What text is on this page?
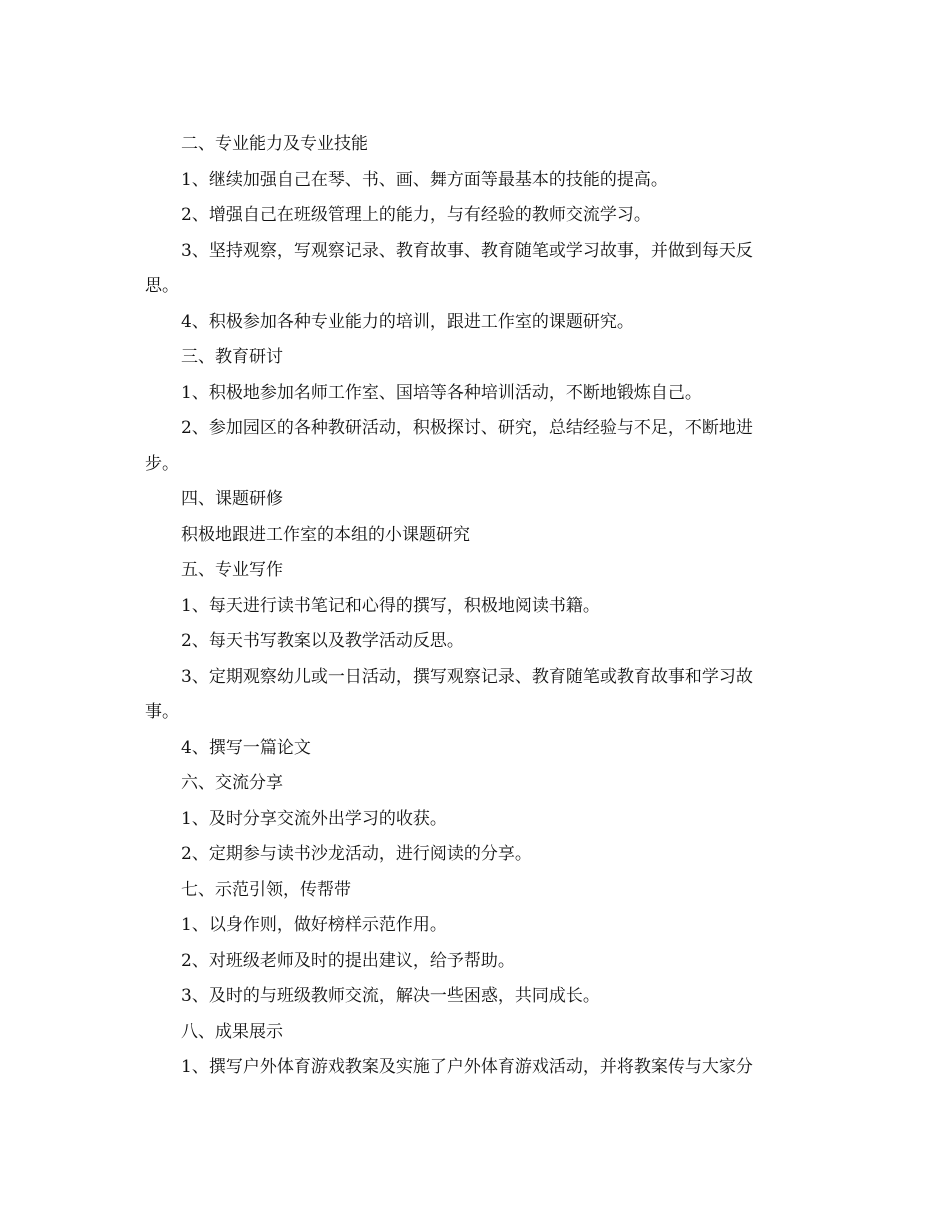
二、专业能力及专业技能
1、继续加强自己在琴、书、画、舞方面等最基本的技能的提高。
2、增强自己在班级管理上的能力，与有经验的教师交流学习。
3、坚持观察，写观察记录、教育故事、教育随笔或学习故事，并做到每天反
思。
4、积极参加各种专业能力的培训，跟进工作室的课题研究。
三、教育研讨
1、积极地参加名师工作室、国培等各种培训活动，不断地锻炼自己。
2、参加园区的各种教研活动，积极探讨、研究，总结经验与不足，不断地进
步。
四、课题研修
积极地跟进工作室的本组的小课题研究
五、专业写作
1、每天进行读书笔记和心得的撰写，积极地阅读书籍。
2、每天书写教案以及教学活动反思。
3、定期观察幼儿或一日活动，撰写观察记录、教育随笔或教育故事和学习故
事。
4、撰写一篇论文
六、交流分享
1、及时分享交流外出学习的收获。
2、定期参与读书沙龙活动，进行阅读的分享。
七、示范引领，传帮带
1、以身作则，做好榜样示范作用。
2、对班级老师及时的提出建议，给予帮助。
3、及时的与班级教师交流，解决一些困惑，共同成长。
八、成果展示
1、撰写户外体育游戏教案及实施了户外体育游戏活动，并将教案传与大家分
